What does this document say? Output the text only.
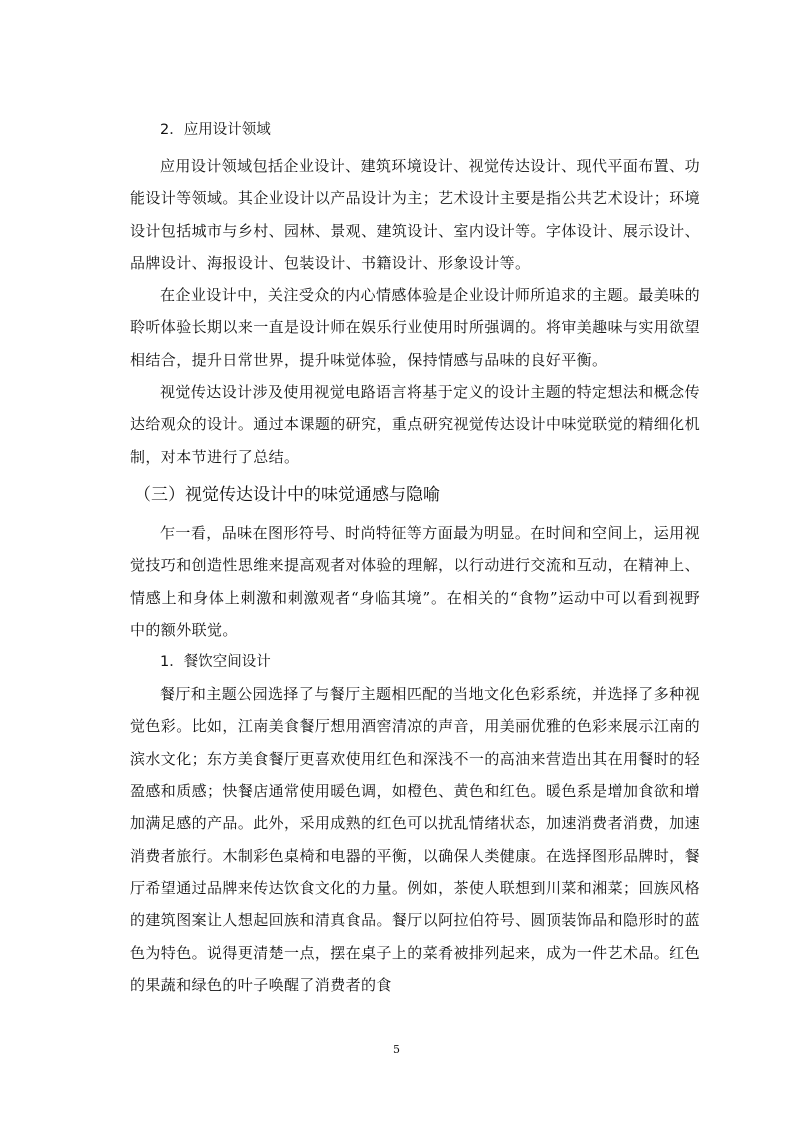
2．应用设计领域

应用设计领域包括企业设计、建筑环境设计、视觉传达设计、现代平面布置、功能设计等领域。其企业设计以产品设计为主；艺术设计主要是指公共艺术设计；环境设计包括城市与乡村、园林、景观、建筑设计、室内设计等。字体设计、展示设计、品牌设计、海报设计、包装设计、书籍设计、形象设计等。

在企业设计中，关注受众的内心情感体验是企业设计师所追求的主题。最美味的聆听体验长期以来一直是设计师在娱乐行业使用时所强调的。将审美趣味与实用欲望相结合，提升日常世界，提升味觉体验，保持情感与品味的良好平衡。

视觉传达设计涉及使用视觉电路语言将基于定义的设计主题的特定想法和概念传达给观众的设计。通过本课题的研究，重点研究视觉传达设计中味觉联觉的精细化机制，对本节进行了总结。

（三）视觉传达设计中的味觉通感与隐喻

乍一看，品味在图形符号、时尚特征等方面最为明显。在时间和空间上，运用视觉技巧和创造性思维来提高观者对体验的理解，以行动进行交流和互动，在精神上、情感上和身体上刺激和刺激观者“身临其境”。在相关的“食物”运动中可以看到视野中的额外联觉。

1．餐饮空间设计

餐厅和主题公园选择了与餐厅主题相匹配的当地文化色彩系统，并选择了多种视觉色彩。比如，江南美食餐厅想用酒窖清凉的声音，用美丽优雅的色彩来展示江南的滨水文化；东方美食餐厅更喜欢使用红色和深浅不一的高油来营造出其在用餐时的轻盈感和质感；快餐店通常使用暖色调，如橙色、黄色和红色。暖色系是增加食欲和增加满足感的产品。此外，采用成熟的红色可以扰乱情绪状态，加速消费者消费，加速消费者旅行。木制彩色桌椅和电器的平衡，以确保人类健康。在选择图形品牌时，餐厅希望通过品牌来传达饮食文化的力量。例如，茶使人联想到川菜和湘菜；回族风格的建筑图案让人想起回族和清真食品。餐厅以阿拉伯符号、圆顶装饰品和隐形时的蓝色为特色。说得更清楚一点，摆在桌子上的菜肴被排列起来，成为一件艺术品。红色的果蔬和绿色的叶子唤醒了消费者的食

5
